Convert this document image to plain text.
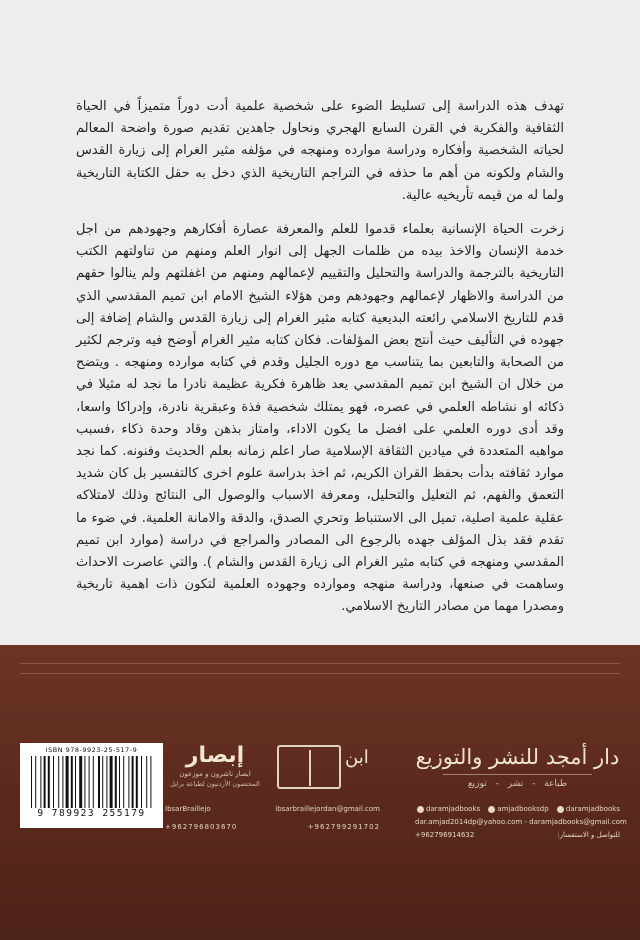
تهدف هذه الدراسة إلى تسليط الضوء على شخصية علمية أدت دوراً متميزاً في الحياة الثقافية والفكرية في القرن السابع الهجري ونحاول جاهدين تقديم صورة واضحة المعالم لحياته الشخصية وأفكاره ودراسة موارده ومنهجه في مؤلفه مثير الغرام إلى زيارة القدس والشام ولكونه من أهم ما حذفه في التراجم التاريخية الذي دخل به حقل الكتابة التاريخية ولما له من قيمه تأريخيه عالية.

زخرت الحياة الإنسانية بعلماء قدموا للعلم والمعرفة عصارة أفكارهم وجهودهم من اجل خدمة الإنسان والاخذ بيده من ظلمات الجهل إلى انوار العلم ومنهم من تناولتهم الكتب التاريخية بالترجمة والدراسة والتحليل والتقييم لإعمالهم ومنهم من اغفلتهم ولم ينالوا حقهم من الدراسة والاظهار لإعمالهم وجهودهم ومن هؤلاء الشيخ الامام ابن تميم المقدسي الذي قدم للتاريخ الاسلامي رائعته البديعية كتابه مثير الغرام إلى زيارة القدس والشام إضافة إلى جهوده في التأليف حيث أنتج بعض المؤلفات. فكان كتابه مثير الغرام أوضح فيه وترجم لكثير من الصحابة والتابعين بما يتناسب مع دوره الجليل وقدم في كتابه موارده ومنهجه . ويتضح من خلال ان الشيخ ابن تميم المقدسي يعد ظاهرة فكرية عظيمة نادرا ما نجد له مثيلا في ذكائه او نشاطه العلمي في عصره، فهو يمتلك شخصية فذة وعبقرية نادرة، وإدراكا واسعا، وقد أدى دوره العلمي على افضل ما يكون الاداء، وامتاز بذهن وقاد وحدة ذكاء ،فسبب مواهبه المتعددة في ميادين الثقافة الإسلامية صار اعلم زمانه بعلم الحديث وفنونه. كما نجد موارد ثقافته بدأت بحفظ القران الكريم، ثم اخذ بدراسة علوم اخرى كالتفسير بل كان شديد التعمق والفهم، ثم التعليل والتحليل، ومعرفة الاسباب والوصول الى النتائج وذلك لامتلاكه عقلية علمية اصلية، تميل الى الاستنباط وتحري الصدق، والدقة والامانة العلمية. في ضوء ما تقدم فقد بذل المؤلف جهده بالرجوع الى المصادر والمراجع في دراسة (موارد ابن تميم المقدسي ومنهجه في كتابه مثير الغرام الى زيارة القدس والشام ). والتي عاصرت الاحداث وساهمت في صنعها، ودراسة منهجه وموارده وجهوده العلمية لتكون ذات اهمية تاريخية ومصدرا مهما من مصادر التاريخ الاسلامي.

ISBN 978-9923-25-517-9
9 789923 255179
إبصار
ابصار ناشرون و موزعون
المختصون الأردنيون لطباعة برايل
ابن
IbsarBraillejo	ibsarbraillejordan@gmail.com
+962796803670	+962799291702
دار أمجد للنشر والتوزيع
طباعة - نشر - توزيع
daramjadbooks	amjadbooksdp	daramjadbooks
dar.amjad2014dp@yahoo.com - daramjadbooks@gmail.com
+962796914632	للتواصل و الاستفسار:
